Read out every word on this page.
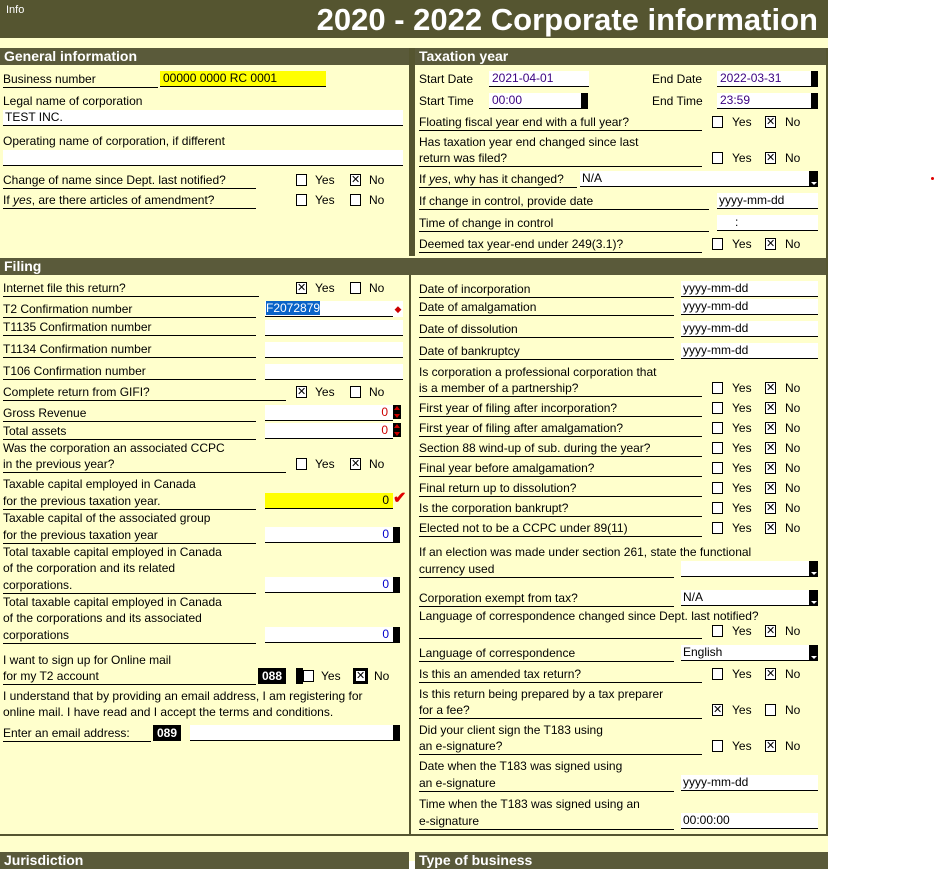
Info	2020 - 2022 Corporate information
General information	Taxation year
Business number	00000 0000 RC 0001
Legal name of corporation
TEST INC.
Operating name of corporation, if different
Change of name since Dept. last notified?	Yes ✕ No
If yes, are there articles of amendment?	Yes	No
Start Date 2021-04-01	End Date 2022-03-31
Start Time 00:00	End Time 23:59
Floating fiscal year end with a full year?	Yes ✕ No
Has taxation year end changed since last
return was filed?	Yes ✕ No
If yes, why has it changed?	N/A
If change in control, provide date	yyyy-mm-dd
Time of change in control	:
Deemed tax year-end under 249(3.1)?	Yes ✕ No
Filing
Internet file this return?	✕ Yes	No
T2 Confirmation number	F2072879	◆
T1135 Confirmation number
T1134 Confirmation number
T106 Confirmation number
Complete return from GIFI?	✕ Yes	No
Gross Revenue	0
Total assets	0
Was the corporation an associated CCPC
in the previous year?	Yes ✕ No
Taxable capital employed in Canada
for the previous taxation year.	0 ✔
Taxable capital of the associated group
for the previous taxation year	0
Total taxable capital employed in Canada
of the corporation and its related
corporations.	0
Total taxable capital employed in Canada
of the corporations and its associated
corporations	0
I want to sign up for Online mail
for my T2 account	088	Yes ✕ No
I understand that by providing an email address, I am registering for
online mail. I have read and I accept the terms and conditions.
Enter an email address:	089
Date of incorporation	yyyy-mm-dd
Date of amalgamation	yyyy-mm-dd
Date of dissolution	yyyy-mm-dd
Date of bankruptcy	yyyy-mm-dd
Is corporation a professional corporation that
is a member of a partnership?	Yes ✕ No
First year of filing after incorporation?	Yes ✕ No
First year of filing after amalgamation?	Yes ✕ No
Section 88 wind-up of sub. during the year?	Yes ✕ No
Final year before amalgamation?	Yes ✕ No
Final return up to dissolution?	Yes ✕ No
Is the corporation bankrupt?	Yes ✕ No
Elected not to be a CCPC under 89(11)	Yes ✕ No
If an election was made under section 261, state the functional
currency used
Corporation exempt from tax?	N/A
Language of correspondence changed since Dept. last notified?
Yes ✕ No
Language of correspondence	English
Is this an amended tax return?	Yes ✕ No
Is this return being prepared by a tax preparer
for a fee?	✕ Yes	No
Did your client sign the T183 using
an e-signature?	Yes ✕ No
Date when the T183 was signed using
an e-signature	yyyy-mm-dd
Time when the T183 was signed using an
e-signature	00:00:00
Jurisdiction	Type of business
